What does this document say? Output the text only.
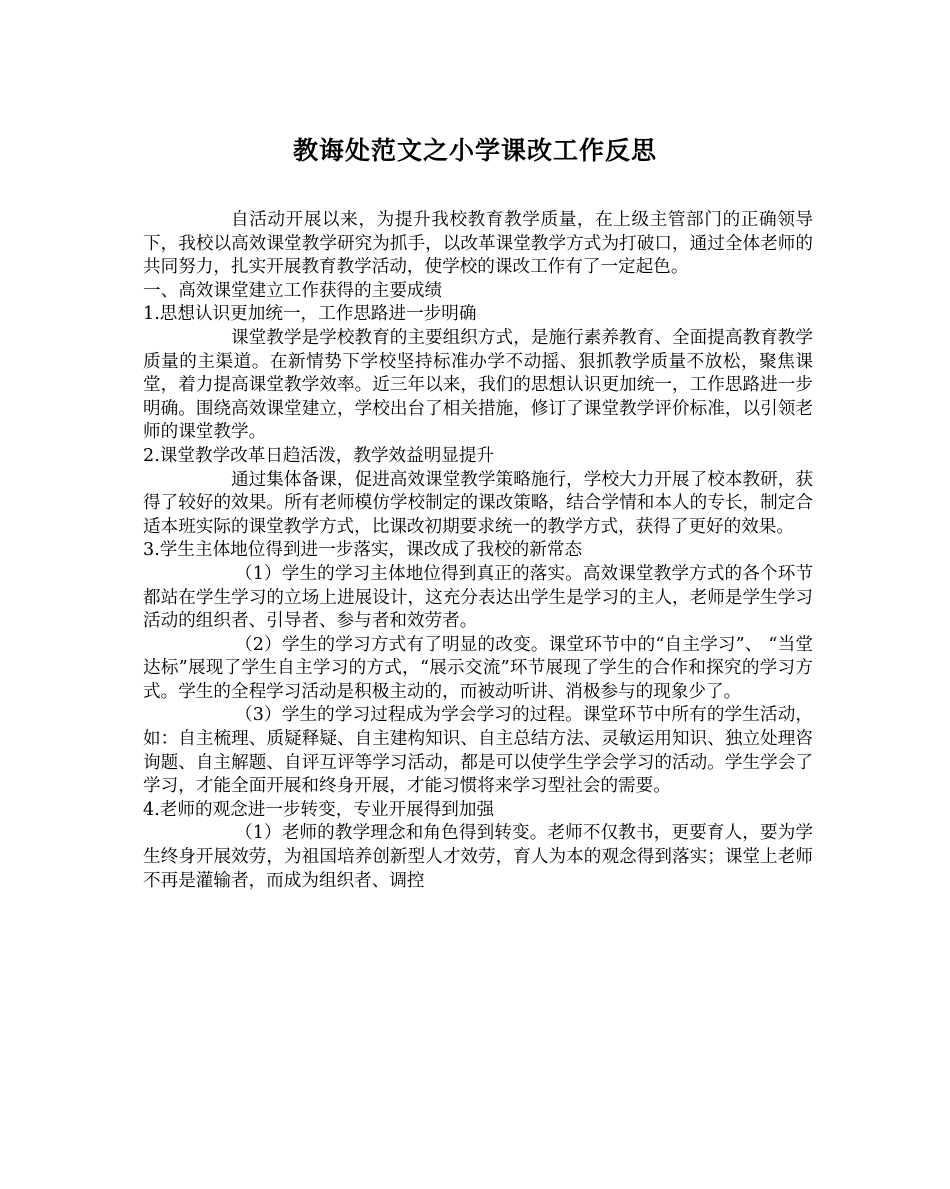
教诲处范文之小学课改工作反思

自活动开展以来，为提升我校教育教学质量，在上级主管部门的正确领导下，我校以高效课堂教学研究为抓手，以改革课堂教学方式为打破口，通过全体老师的共同努力，扎实开展教育教学活动，使学校的课改工作有了一定起色。

一、高效课堂建立工作获得的主要成绩

1.思想认识更加统一，工作思路进一步明确

课堂教学是学校教育的主要组织方式，是施行素养教育、全面提高教育教学质量的主渠道。在新情势下学校坚持标准办学不动摇、狠抓教学质量不放松，聚焦课堂，着力提高课堂教学效率。近三年以来，我们的思想认识更加统一，工作思路进一步明确。围绕高效课堂建立，学校出台了相关措施，修订了课堂教学评价标准，以引领老师的课堂教学。

2.课堂教学改革日趋活泼，教学效益明显提升

通过集体备课，促进高效课堂教学策略施行，学校大力开展了校本教研，获得了较好的效果。所有老师模仿学校制定的课改策略，结合学情和本人的专长，制定合适本班实际的课堂教学方式，比课改初期要求统一的教学方式，获得了更好的效果。

3.学生主体地位得到进一步落实，课改成了我校的新常态

（1）学生的学习主体地位得到真正的落实。高效课堂教学方式的各个环节都站在学生学习的立场上进展设计，这充分表达出学生是学习的主人，老师是学生学习活动的组织者、引导者、参与者和效劳者。

（2）学生的学习方式有了明显的改变。课堂环节中的“自主学习”、 “当堂达标”展现了学生自主学习的方式，“展示交流”环节展现了学生的合作和探究的学习方式。学生的全程学习活动是积极主动的，而被动听讲、消极参与的现象少了。

（3）学生的学习过程成为学会学习的过程。课堂环节中所有的学生活动，如：自主梳理、质疑释疑、自主建构知识、自主总结方法、灵敏运用知识、独立处理咨询题、自主解题、自评互评等学习活动，都是可以使学生学会学习的活动。学生学会了学习，才能全面开展和终身开展，才能习惯将来学习型社会的需要。

4.老师的观念进一步转变，专业开展得到加强

（1）老师的教学理念和角色得到转变。老师不仅教书，更要育人，要为学生终身开展效劳，为祖国培养创新型人才效劳，育人为本的观念得到落实；课堂上老师不再是灌输者，而成为组织者、调控
